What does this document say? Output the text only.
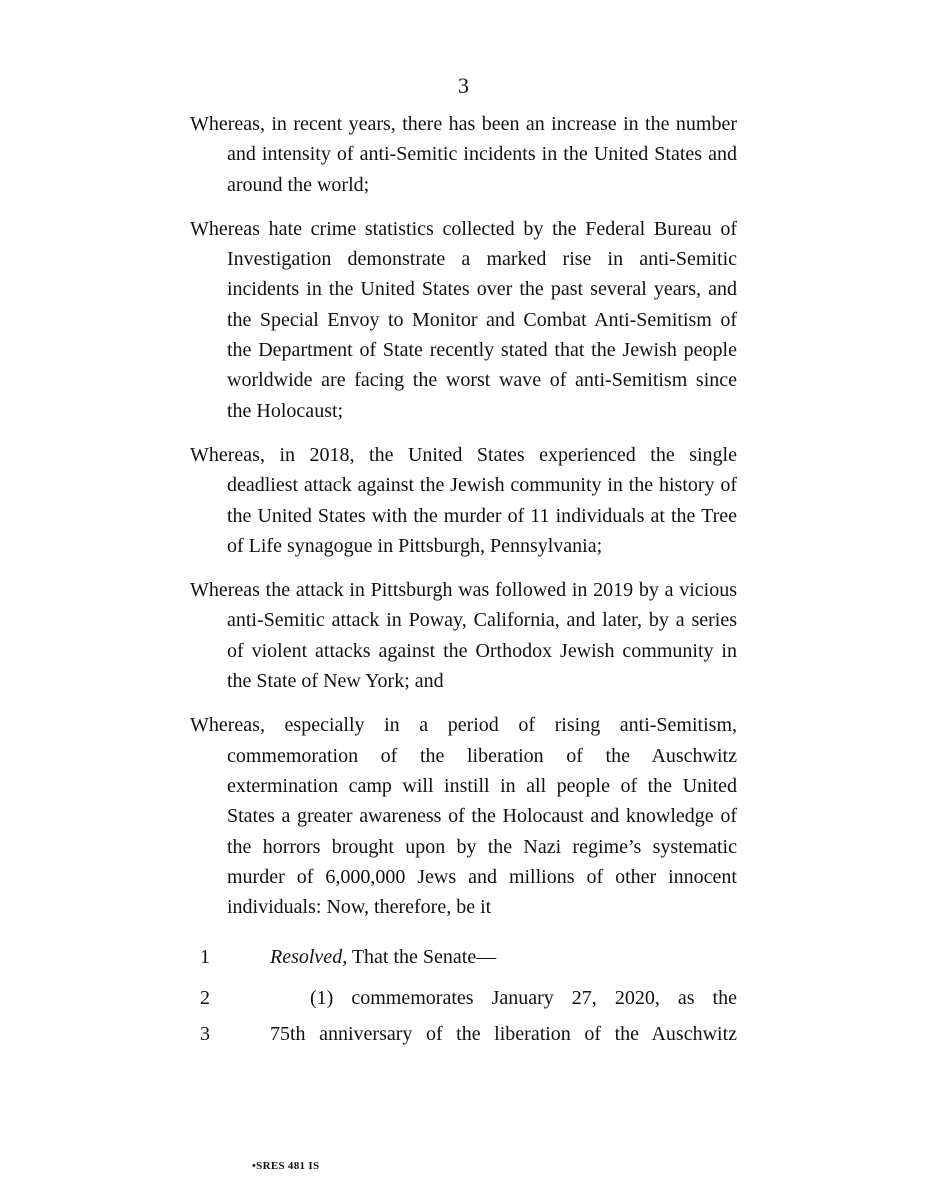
3

Whereas, in recent years, there has been an increase in the number and intensity of anti-Semitic incidents in the United States and around the world;

Whereas hate crime statistics collected by the Federal Bureau of Investigation demonstrate a marked rise in anti-Semitic incidents in the United States over the past several years, and the Special Envoy to Monitor and Combat Anti-Semitism of the Department of State recently stated that the Jewish people worldwide are facing the worst wave of anti-Semitism since the Holocaust;

Whereas, in 2018, the United States experienced the single deadliest attack against the Jewish community in the history of the United States with the murder of 11 individuals at the Tree of Life synagogue in Pittsburgh, Pennsylvania;

Whereas the attack in Pittsburgh was followed in 2019 by a vicious anti-Semitic attack in Poway, California, and later, by a series of violent attacks against the Orthodox Jewish community in the State of New York; and

Whereas, especially in a period of rising anti-Semitism, commemoration of the liberation of the Auschwitz extermination camp will instill in all people of the United States a greater awareness of the Holocaust and knowledge of the horrors brought upon by the Nazi regime’s systematic murder of 6,000,000 Jews and millions of other innocent individuals: Now, therefore, be it

1	Resolved, That the Senate—
2	(1) commemorates January 27, 2020, as the
3	75th anniversary of the liberation of the Auschwitz
•SRES 481 IS
